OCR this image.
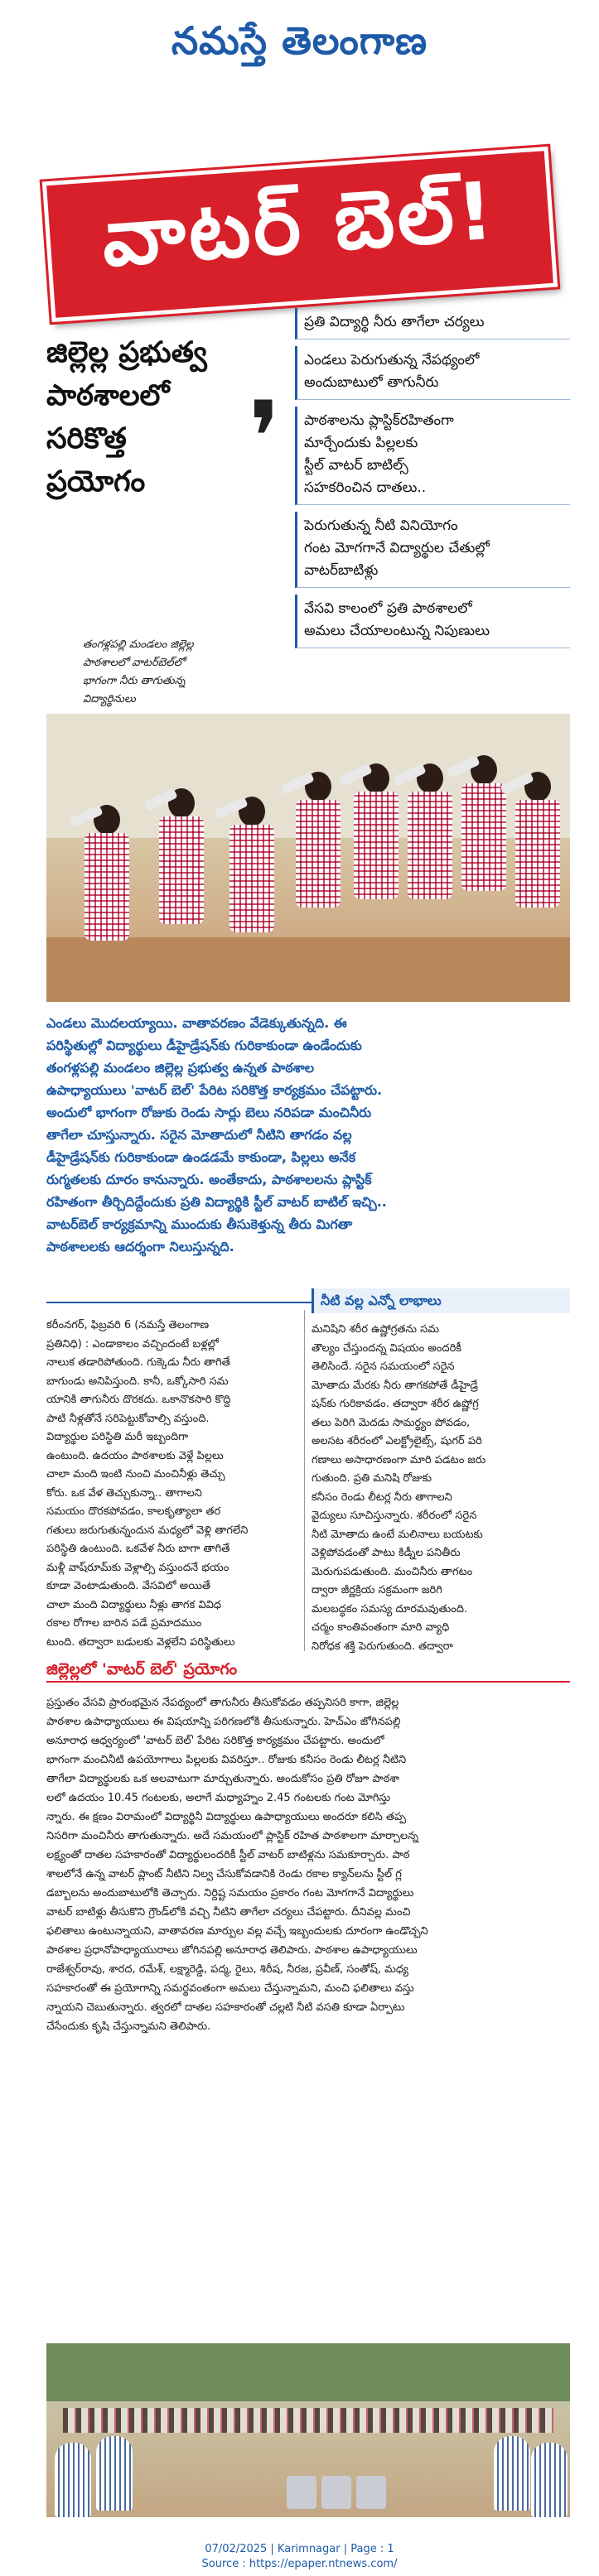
నమస్తే తెలంగాణ
వాటర్ బెల్!
జిల్లెల్ల ప్రభుత్వ
పాఠశాలలో
సరికొత్త
ప్రయోగం	❜
ప్రతి విద్యార్థి నీరు తాగేలా చర్యలు
ఎండలు పెరుగుతున్న నేపథ్యంలో
అందుబాటులో తాగునీరు
పాఠశాలను ప్లాస్టిక్‌రహితంగా
మార్చేందుకు పిల్లలకు
స్టీల్ వాటర్ బాటిల్స్
సహకరించిన దాతలు..
పెరుగుతున్న నీటి వినియోగం
గంట మోగగానే విద్యార్థుల చేతుల్లో
వాటర్‌బాటిళ్లు
వేసవి కాలంలో ప్రతి పాఠశాలలో
అమలు చేయాలంటున్న నిపుణులు
తంగళ్లపల్లి మండలం జిల్లెల్ల
పాఠశాలలో వాటర్‌బెల్‌లో
భాగంగా నీరు తాగుతున్న
విద్యార్థినులు
ఎండలు మొదలయ్యాయి. వాతావరణం వేడెక్కుతున్నది. ఈ
పరిస్థితుల్లో విద్యార్థులు డీహైడ్రేషన్‌కు గురికాకుండా ఉండేందుకు
తంగళ్లపల్లి మండలం జిల్లెల్ల ప్రభుత్వ ఉన్నత పాఠశాల
ఉపాధ్యాయులు 'వాటర్ బెల్' పేరిట సరికొత్త కార్యక్రమం చేపట్టారు.
అందులో భాగంగా రోజుకు రెండు సార్లు బెలు నరిపడా మంచినీరు
తాగేలా చూస్తున్నారు. సరైన మోతాదులో నీటిని తాగడం వల్ల
డీహైడ్రేషన్‌కు గురికాకుండా ఉండడమే కాకుండా, పిల్లలు అనేక
రుగ్మతలకు దూరం కానున్నారు. అంతేకాదు, పాఠశాలలను ప్లాస్టిక్
రహితంగా తీర్చిదిద్దేందుకు ప్రతి విద్యార్థికి స్టీల్ వాటర్ బాటిల్ ఇచ్చి..
వాటర్‌బెల్ కార్యక్రమాన్ని ముందుకు తీసుకెళ్తున్న తీరు మిగతా
పాఠశాలలకు ఆదర్శంగా నిలుస్తున్నది.
నీటి వల్ల ఎన్నో లాభాలు
కరీంనగర్, ఫిబ్రవరి 6 (నమస్తే తెలంగాణ
ప్రతినిధి) : ఎండాకాలం వచ్చిందంటే బళ్లల్లో
నాలుక తడారిపోతుంది. గుక్కెడు నీరు తాగితే
బాగుండు అనిపిస్తుంది. కానీ, ఒక్కోసారి సమ
యానికి తాగునీరు దొరకదు. ఒకానొకసారి కొద్ది
పాటి నీళ్లతోనే సరిపెట్టుకోవాల్సి వస్తుంది.
విద్యార్థుల పరిస్థితి మరీ ఇబ్బందిగా
ఉంటుంది. ఉదయం పాఠశాలకు వెళ్లే పిల్లలు
చాలా మంది ఇంటి నుంచి మంచినీళ్లు తెచ్చు
కోరు. ఒక వేళ తెచ్చుకున్నా.. తాగాలని
సమయం దొరకపోవడం, కాలకృత్యాలా తర
గతులు జరుగుతున్నందున మధ్యలో వెళ్లి తాగలేని
పరిస్థితి ఉంటుంది. ఒకవేళ నీరు బాగా తాగితే
మళ్లీ వాష్‌రూమ్‌కు వెళ్లాల్సి వస్తుందనే భయం
కూడా వెంటాడుతుంది. వేసవిలో అయితే
చాలా మంది విద్యార్థులు నీళ్లు తాగక వివిధ
రకాల రోగాల బారిన పడే ప్రమాదముం
టుంది. తద్వారా బడులకు వెళ్లలేని పరిస్థితులు
మనిషిని శరీర ఉష్ణోగ్రతను సమ
తౌల్యం చేస్తుందన్న విషయం అందరికీ
తెలిసిందే. సరైన సమయంలో సరైన
మోతాదు మేరకు నీరు తాగకపోతే డీహైడ్రే
షన్‌కు గురికావడం. తద్వారా శరీర ఉష్ణోగ్ర
తలు పెరిగి మెదడు సామర్థ్యం పోవడం,
అలసట శరీరంలో ఎలక్ట్రోలైట్స్, షుగర్ పరి
గణాలు అసాధారణంగా మారి పడటం జరు
గుతుంది. ప్రతి మనిషి రోజుకు
కనీసం రెండు లీటర్ల నీరు తాగాలని
వైద్యులు సూచిస్తున్నారు. శరీరంలో సరైన
నీటి మోతాదు ఉంటే మలినాలు బయటకు
వెళ్లిపోవడంతో పాటు కిడ్నీల పనితీరు
మెరుగుపడుతుంది. మంచినీరు తాగటం
ద్వారా జీర్ణక్రియ సక్రమంగా జరిగి
మలబద్ధకం సమస్య దూరమవుతుంది.
చర్మం కాంతివంతంగా మారి వ్యాధి
నిరోధక శక్తి పెరుగుతుంది. తద్వారా
జిల్లెల్లలో 'వాటర్ బెల్' ప్రయోగం
ప్రస్తుతం వేసవి ప్రారంభమైన నేపథ్యంలో తాగునీరు తీసుకోవడం తప్పనిసరి కాగా, జిల్లెల్ల
పాఠశాల ఉపాధ్యాయులు ఈ విషయాన్ని పరిగణలోకి తీసుకున్నారు. హెచ్‌ఎం జోగినపల్లి
అనూరాధ ఆధ్వర్యంలో 'వాటర్ బెల్' పేరిట సరికొత్త కార్యక్రమం చేపట్టారు. అందులో
భాగంగా మంచినీటి ఉపయోగాలు పిల్లలకు వివరిస్తూ.. రోజుకు కనీసం రెండు లీటర్ల నీటిని
తాగేలా విద్యార్థులకు ఒక అలవాటుగా మార్చుతున్నారు. అందుకోసం ప్రతి రోజూ పాఠశా
లలో ఉదయం 10.45 గంటలకు, అలాగే మధ్యాహ్నం 2.45 గంటలకు గంట మోగిస్తు
న్నారు. ఈ క్షణం విరామంలో విద్యార్థినీ విద్యార్థులు ఉపాధ్యాయులు అందరూ కలిసి తప్ప
నిసరిగా మంచినీరు తాగుతున్నారు. అదే సమయంలో ప్లాస్టిక్ రహిత పాఠశాలగా మార్చాలన్న
లక్ష్యంతో దాతల సహకారంతో విద్యార్థులందరికీ స్టీల్ వాటర్ బాటిళ్లను సమకూర్చారు. పాఠ
శాలలోనే ఉన్న వాటర్ ప్లాంట్ నీటిని నిల్వ చేసుకోవడానికి రెండు రకాల క్యాన్‌లను స్టీల్ గ్ల
డబ్బాలను అందుబాటులోకి తెచ్చారు. నిర్దిష్ట సమయం ప్రకారం గంట మోగగానే విద్యార్థులు
వాటర్ బాటిళ్లు తీసుకొని గ్రౌండ్‌లోకి వచ్చి నీటిని తాగేలా చర్యలు చేపట్టారు. దీనివల్ల మంచి
ఫలితాలు ఉంటున్నాయని, వాతావరణ మార్పుల వల్ల వచ్చే ఇబ్బందులకు దూరంగా ఉండొచ్చని
పాఠశాల ప్రధానోపాధ్యాయురాలు జోగినపల్లి అనూరాధ తెలిపారు. పాఠశాల ఉపాధ్యాయులు
రాజేశ్వర్‌రావు, శారద, రమేశ్, లక్ష్మారెడ్డి, పద్మ, రైలు, శిరీష, నీరజ, ప్రవీణ్, సంతోష్, మధ్య
సహకారంతో ఈ ప్రయోగాన్ని సమర్థవంతంగా అమలు చేస్తున్నామని, మంచి ఫలితాలు వస్తు
న్నాయని చెబుతున్నారు. త్వరలో దాతల సహకారంతో చల్లటి నీటి వసతి కూడా ఏర్పాటు
చేసేందుకు కృషి చేస్తున్నామని తెలిపారు.
07/02/2025 | Karimnagar | Page : 1
Source : https://epaper.ntnews.com/
